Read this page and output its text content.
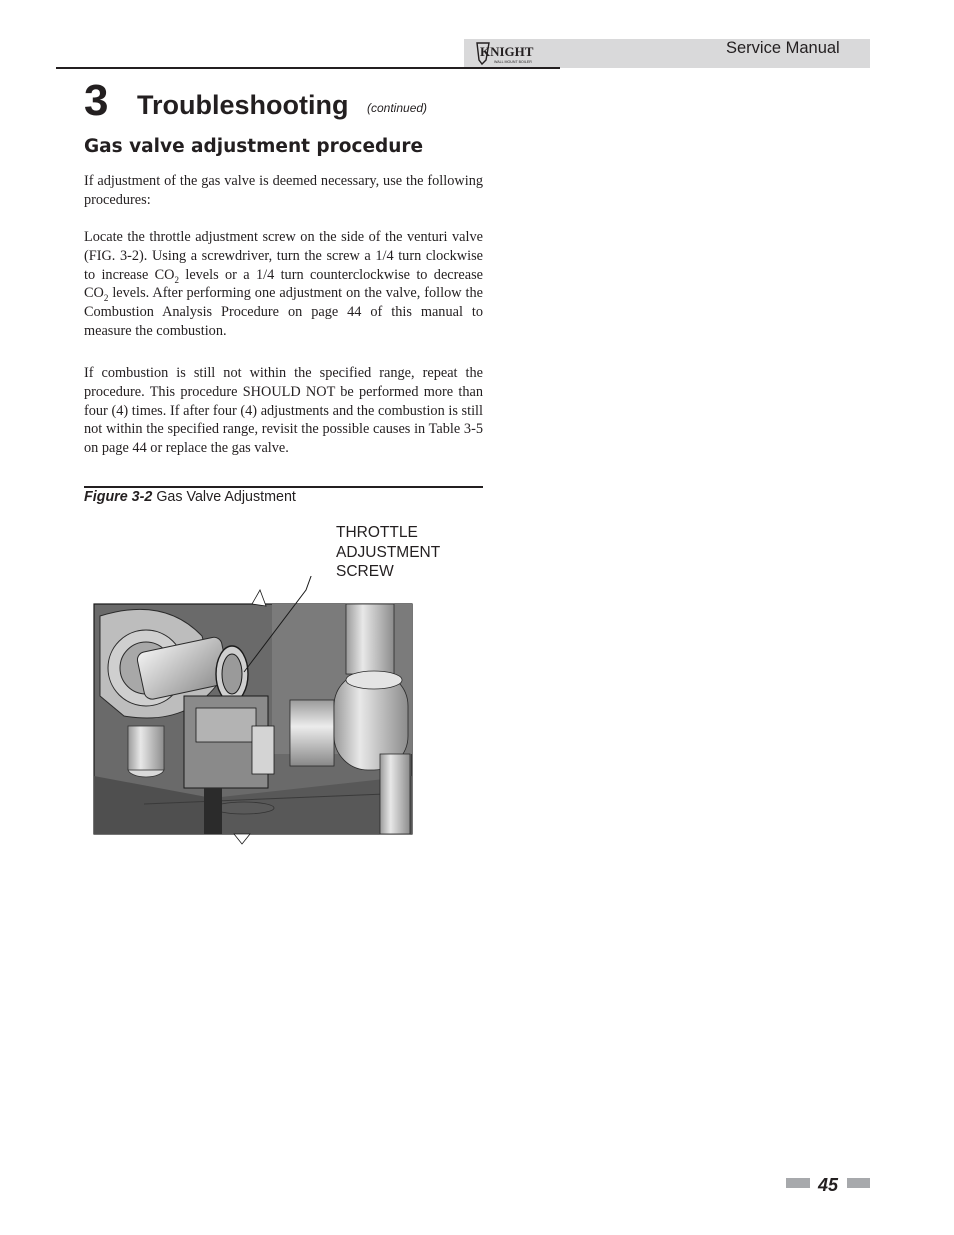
KNIGHT
WALL MOUNT BOILER
Service Manual
3 Troubleshooting (continued)
Gas valve adjustment procedure

If adjustment of the gas valve is deemed necessary, use the following procedures:

Locate the throttle adjustment screw on the side of the venturi valve (FIG. 3-2). Using a screwdriver, turn the screw a 1/4 turn clockwise to increase $CO_2$ levels or a 1/4 turn counterclockwise to decrease $CO_2$ levels. After performing one adjustment on the valve, follow the Combustion Analysis Procedure on page 44 of this manual to measure the combustion.

If combustion is still not within the specified range, repeat the procedure. This procedure SHOULD NOT be performed more than four (4) times. If after four (4) adjustments and the combustion is still not within the specified range, revisit the possible causes in Table 3-5 on page 44 or replace the gas valve.

Figure 3-2 Gas Valve Adjustment
THROTTLE ADJUSTMENT SCREW
45
